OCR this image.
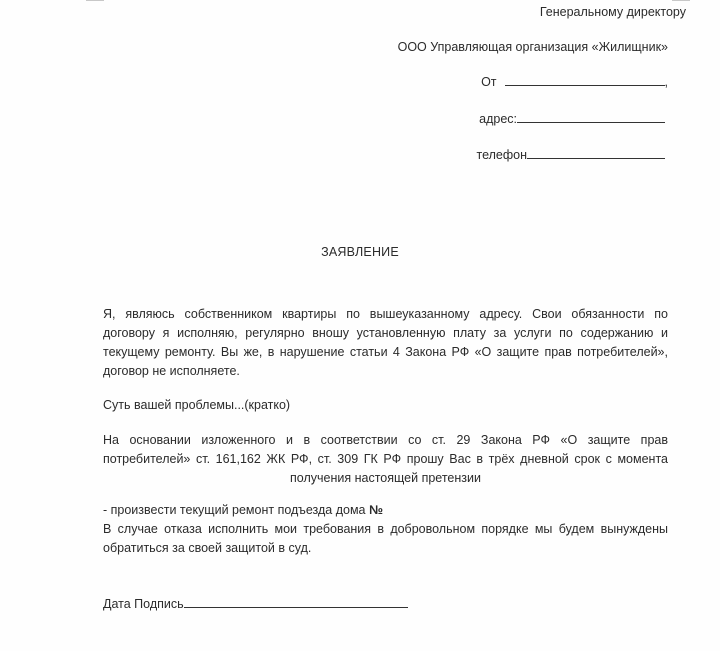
Генеральному директору
ООО Управляющая организация «Жилищник»
От	,
адрес:
телефон
ЗАЯВЛЕНИЕ
Я, являюсь собственником квартиры по вышеуказанному адресу. Свои обязанности по
договору я исполняю, регулярно вношу установленную плату за услуги по содержанию и
текущему ремонту. Вы же, в нарушение статьи 4 Закона РФ «О защите прав потребителей»,
договор не исполняете.
Суть вашей проблемы...(кратко)
На основании изложенного и в соответствии со ст. 29 Закона РФ «О защите прав
потребителей» ст. 161,162 ЖК РФ, ст. 309 ГК РФ прошу Вас в трёх дневной срок с момента
получения настоящей претензии
- произвести текущий ремонт подъезда дома №
В случае отказа исполнить мои требования в добровольном порядке мы будем вынуждены
обратиться за своей защитой в суд.
Дата Подпись
